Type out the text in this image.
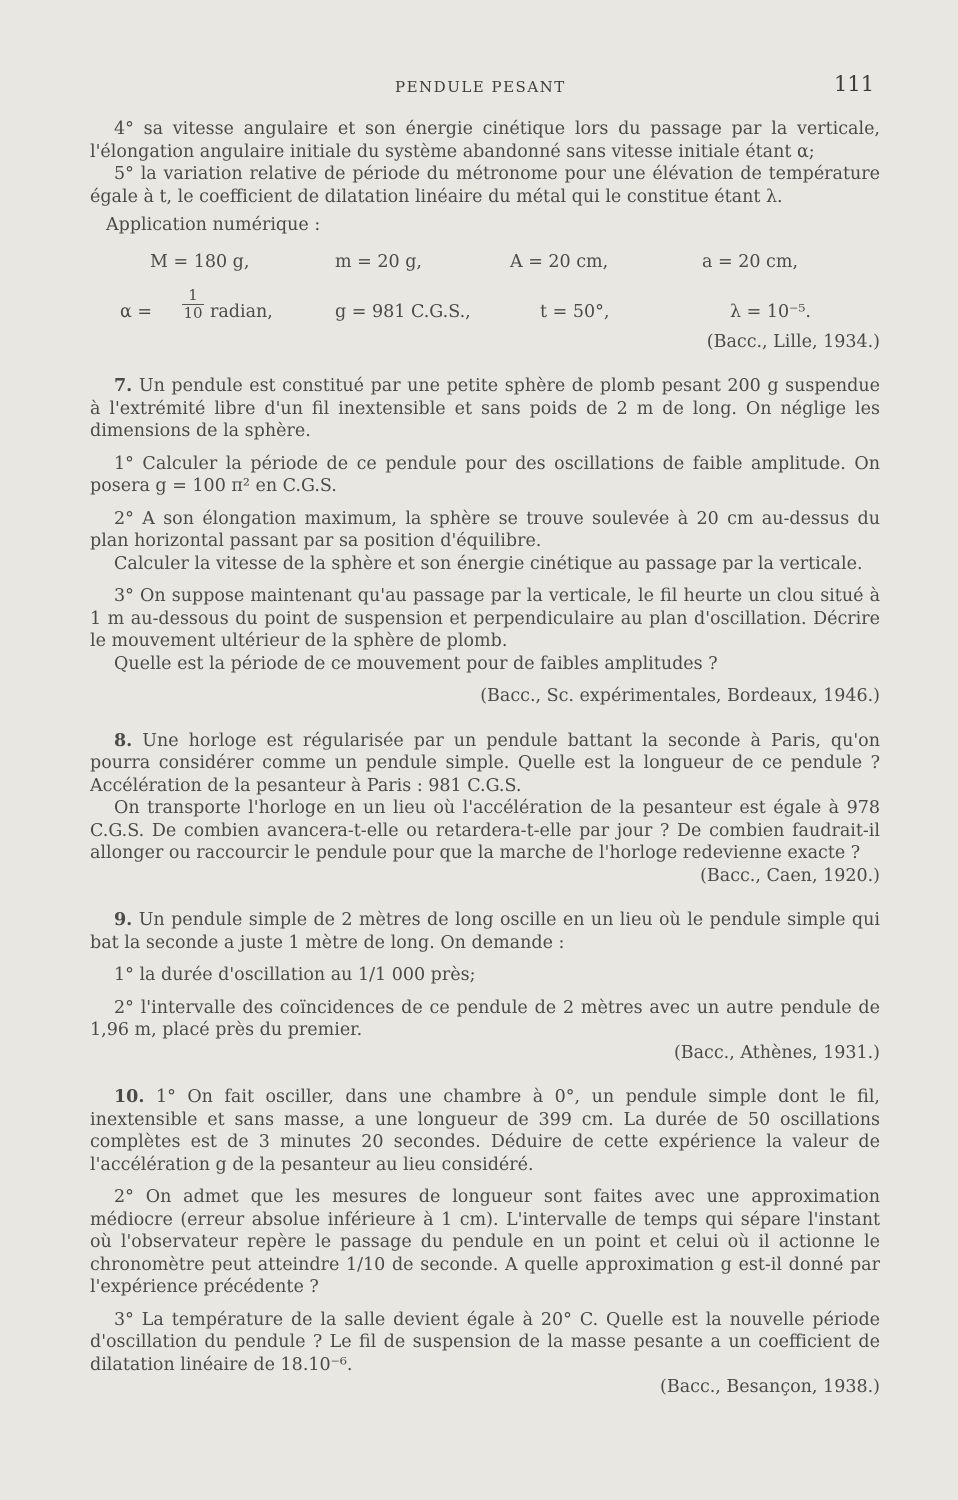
PENDULE PESANT	111

4° sa vitesse angulaire et son énergie cinétique lors du passage par la verticale, l'élongation angulaire initiale du système abandonné sans vitesse initiale étant α;

5° la variation relative de période du métronome pour une élévation de température égale à t, le coefficient de dilatation linéaire du métal qui le constitue étant λ.

Application numérique :

M = 180 g,	m = 20 g,	A = 20 cm,	a = 20 cm,
$\alpha = \frac{1}{10}$ radian,	g = 981 C.G.S.,	t = 50°,	λ = 10⁻⁵.

(Bacc., Lille, 1934.)

7. Un pendule est constitué par une petite sphère de plomb pesant 200 g suspendue à l'extrémité libre d'un fil inextensible et sans poids de 2 m de long. On néglige les dimensions de la sphère.

1° Calculer la période de ce pendule pour des oscillations de faible amplitude. On posera g = 100 π² en C.G.S.

2° A son élongation maximum, la sphère se trouve soulevée à 20 cm au-dessus du plan horizontal passant par sa position d'équilibre.

Calculer la vitesse de la sphère et son énergie cinétique au passage par la verticale.

3° On suppose maintenant qu'au passage par la verticale, le fil heurte un clou situé à 1 m au-dessous du point de suspension et perpendiculaire au plan d'oscillation. Décrire le mouvement ultérieur de la sphère de plomb.

Quelle est la période de ce mouvement pour de faibles amplitudes ?

(Bacc., Sc. expérimentales, Bordeaux, 1946.)

8. Une horloge est régularisée par un pendule battant la seconde à Paris, qu'on pourra considérer comme un pendule simple. Quelle est la longueur de ce pendule ? Accélération de la pesanteur à Paris : 981 C.G.S.

On transporte l'horloge en un lieu où l'accélération de la pesanteur est égale à 978 C.G.S. De combien avancera-t-elle ou retardera-t-elle par jour ? De combien faudrait-il allonger ou raccourcir le pendule pour que la marche de l'horloge redevienne exacte ?

(Bacc., Caen, 1920.)

9. Un pendule simple de 2 mètres de long oscille en un lieu où le pendule simple qui bat la seconde a juste 1 mètre de long. On demande :

1° la durée d'oscillation au 1/1 000 près;

2° l'intervalle des coïncidences de ce pendule de 2 mètres avec un autre pendule de 1,96 m, placé près du premier.

(Bacc., Athènes, 1931.)

10. 1° On fait osciller, dans une chambre à 0°, un pendule simple dont le fil, inextensible et sans masse, a une longueur de 399 cm. La durée de 50 oscillations complètes est de 3 minutes 20 secondes. Déduire de cette expérience la valeur de l'accélération g de la pesanteur au lieu considéré.

2° On admet que les mesures de longueur sont faites avec une approximation médiocre (erreur absolue inférieure à 1 cm). L'intervalle de temps qui sépare l'instant où l'observateur repère le passage du pendule en un point et celui où il actionne le chronomètre peut atteindre 1/10 de seconde. A quelle approximation g est-il donné par l'expérience précédente ?

3° La température de la salle devient égale à 20° C. Quelle est la nouvelle période d'oscillation du pendule ? Le fil de suspension de la masse pesante a un coefficient de dilatation linéaire de 18.10⁻⁶.

(Bacc., Besançon, 1938.)
